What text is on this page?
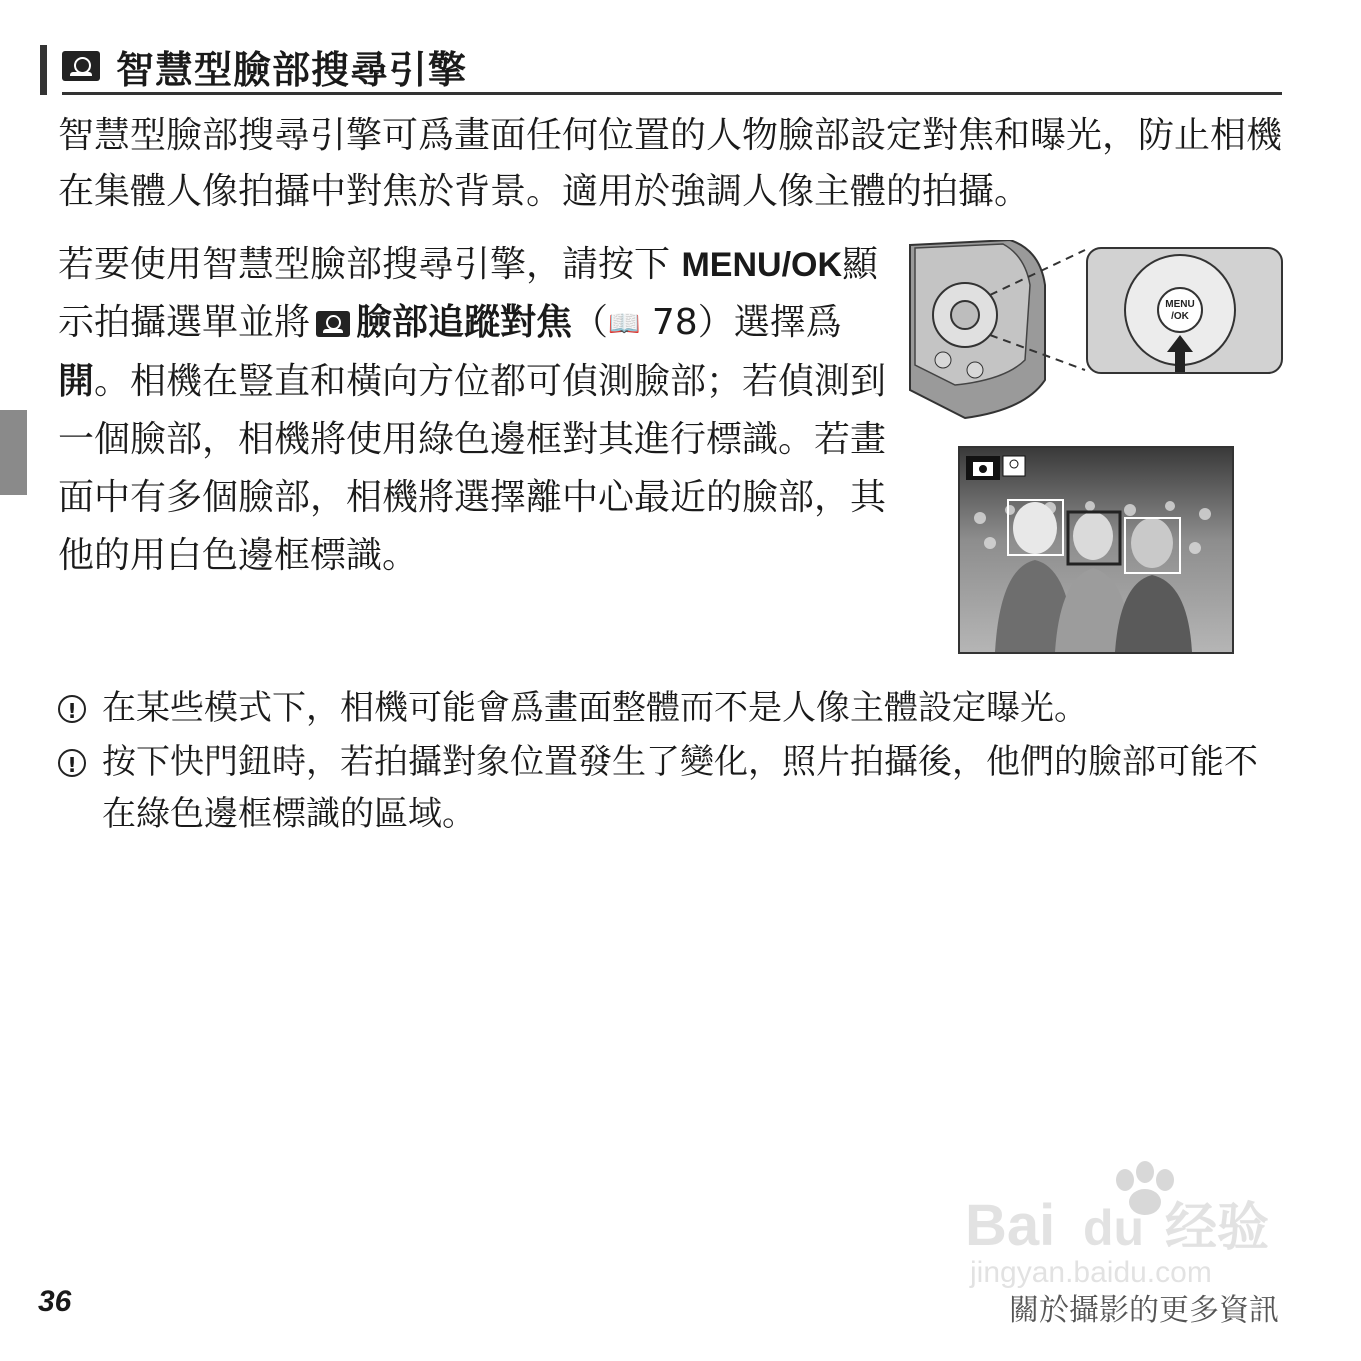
智慧型臉部搜尋引擎

智慧型臉部搜尋引擎可爲畫面任何位置的人物臉部設定對焦和曝光，防止相機在集體人像拍攝中對焦於背景。適用於強調人像主體的拍攝。

若要使用智慧型臉部搜尋引擎，請按下 MENU/OK顯示拍攝選單並將 臉部追蹤對焦（📖 78）選擇爲 開。相機在豎直和橫向方位都可偵測臉部；若偵測到一個臉部，相機將使用綠色邊框對其進行標識。若畫面中有多個臉部，相機將選擇離中心最近的臉部，其他的用白色邊框標識。

MENU
/OK
! 在某些模式下，相機可能會爲畫面整體而不是人像主體設定曝光。
! 按下快門鈕時，若拍攝對象位置發生了變化，照片拍攝後，他們的臉部可能不在綠色邊框標識的區域。
Bai du 经验
jingyan.baidu.com
36	關於攝影的更多資訊
